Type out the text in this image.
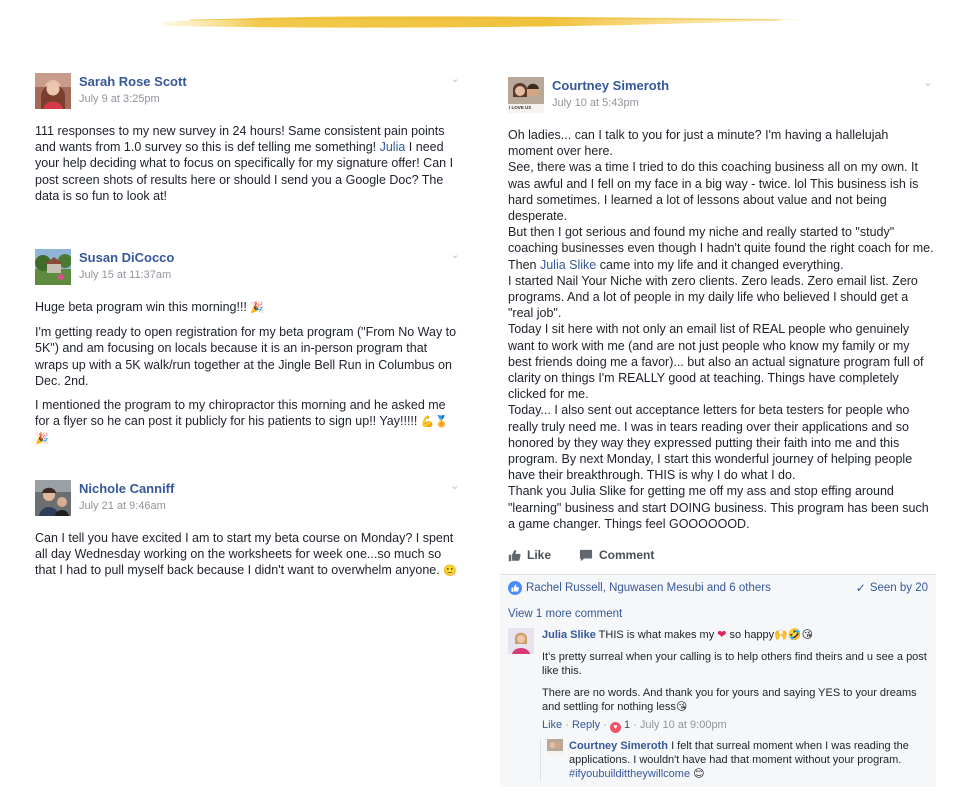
Sarah Rose Scott
July 9 at 3:25pm
⌄

111 responses to my new survey in 24 hours! Same consistent pain points and wants from 1.0 survey so this is def telling me something! Julia I need your help deciding what to focus on specifically for my signature offer! Can I post screen shots of results here or should I send you a Google Doc? The data is so fun to look at!

Susan DiCocco
July 15 at 11:37am
⌄

Huge beta program win this morning!!! 🎉

I'm getting ready to open registration for my beta program ("From No Way to 5K") and am focusing on locals because it is an in-person program that wraps up with a 5K walk/run together at the Jingle Bell Run in Columbus on Dec. 2nd.

I mentioned the program to my chiropractor this morning and he asked me for a flyer so he can post it publicly for his patients to sign up!! Yay!!!!! 💪🏅🎉

Nichole Canniff
July 21 at 9:46am
⌄

Can I tell you have excited I am to start my beta course on Monday? I spent all day Wednesday working on the worksheets for week one...so much so that I had to pull myself back because I didn't want to overwhelm anyone. 🙂

I LOVE US
Courtney Simeroth
July 10 at 5:43pm
⌄
Oh ladies... can I talk to you for just a minute? I'm having a hallelujah moment over here.
See, there was a time I tried to do this coaching business all on my own. It was awful and I fell on my face in a big way - twice. lol This business ish is hard sometimes. I learned a lot of lessons about value and not being desperate.
But then I got serious and found my niche and really started to "study" coaching businesses even though I hadn't quite found the right coach for me. Then Julia Slike came into my life and it changed everything.
I started Nail Your Niche with zero clients. Zero leads. Zero email list. Zero programs. And a lot of people in my daily life who believed I should get a "real job".
Today I sit here with not only an email list of REAL people who genuinely want to work with me (and are not just people who know my family or my best friends doing me a favor)... but also an actual signature program full of clarity on things I'm REALLY good at teaching. Things have completely clicked for me.
Today... I also sent out acceptance letters for beta testers for people who really truly need me. I was in tears reading over their applications and so honored by they way they expressed putting their faith into me and this program. By next Monday, I start this wonderful journey of helping people have their breakthrough. THIS is why I do what I do.
Thank you Julia Slike for getting me off my ass and stop effing around "learning" business and start DOING business. This program has been such a game changer. Things feel GOOOOOOD.
Like	Comment
Rachel Russell, Nguwasen Mesubi and 6 others	✓ Seen by 20
View 1 more comment

Julia Slike THIS is what makes my ❤ so happy🙌🤣😘

It's pretty surreal when your calling is to help others find theirs and u see a post like this.

There are no words. And thank you for yours and saying YES to your dreams and settling for nothing less😘

Like · Reply · ♥ 1 · July 10 at 9:00pm
Courtney Simeroth I felt that surreal moment when I was reading the applications. I wouldn't have had that moment without your program.
#ifyoubuildittheywillcome 😊
